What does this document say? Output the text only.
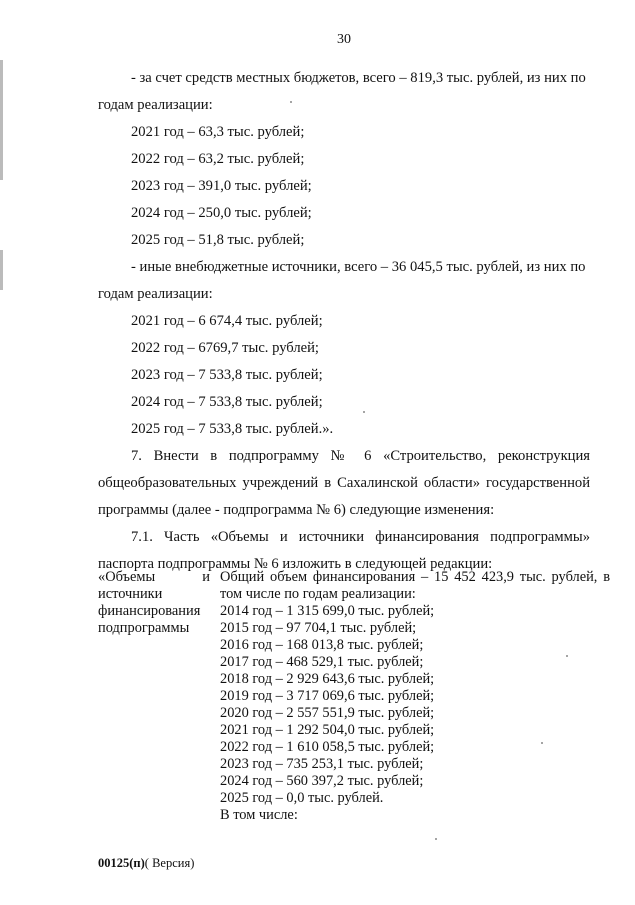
30
- за счет средств местных бюджетов, всего – 819,3 тыс. рублей, из них по
годам реализации:
2021 год – 63,3 тыс. рублей;
2022 год – 63,2 тыс. рублей;
2023 год – 391,0 тыс. рублей;
2024 год – 250,0 тыс. рублей;
2025 год – 51,8 тыс. рублей;
- иные внебюджетные источники, всего – 36 045,5 тыс. рублей, из них по
годам реализации:
2021 год – 6 674,4 тыс. рублей;
2022 год – 6769,7 тыс. рублей;
2023 год – 7 533,8 тыс. рублей;
2024 год – 7 533,8 тыс. рублей;
2025 год – 7 533,8 тыс. рублей.».
7. Внести в подпрограмму № 6 «Строительство, реконструкция
общеобразовательных учреждений в Сахалинской области» государственной
программы (далее - подпрограмма № 6) следующие изменения:
7.1. Часть «Объемы и источники финансирования подпрограммы»
паспорта подпрограммы № 6 изложить в следующей редакции:
«Объемы	и
источники
финансирования
подпрограммы
Общий объем финансирования – 15 452 423,9 тыс. рублей, в том числе по годам реализации:
2014 год – 1 315 699,0 тыс. рублей;
2015 год – 97 704,1 тыс. рублей;
2016 год – 168 013,8 тыс. рублей;
2017 год – 468 529,1 тыс. рублей;
2018 год – 2 929 643,6 тыс. рублей;
2019 год – 3 717 069,6 тыс. рублей;
2020 год – 2 557 551,9 тыс. рублей;
2021 год – 1 292 504,0 тыс. рублей;
2022 год – 1 610 058,5 тыс. рублей;
2023 год – 735 253,1 тыс. рублей;
2024 год – 560 397,2 тыс. рублей;
2025 год – 0,0 тыс. рублей.
В том числе:
00125(п)( Версия)
